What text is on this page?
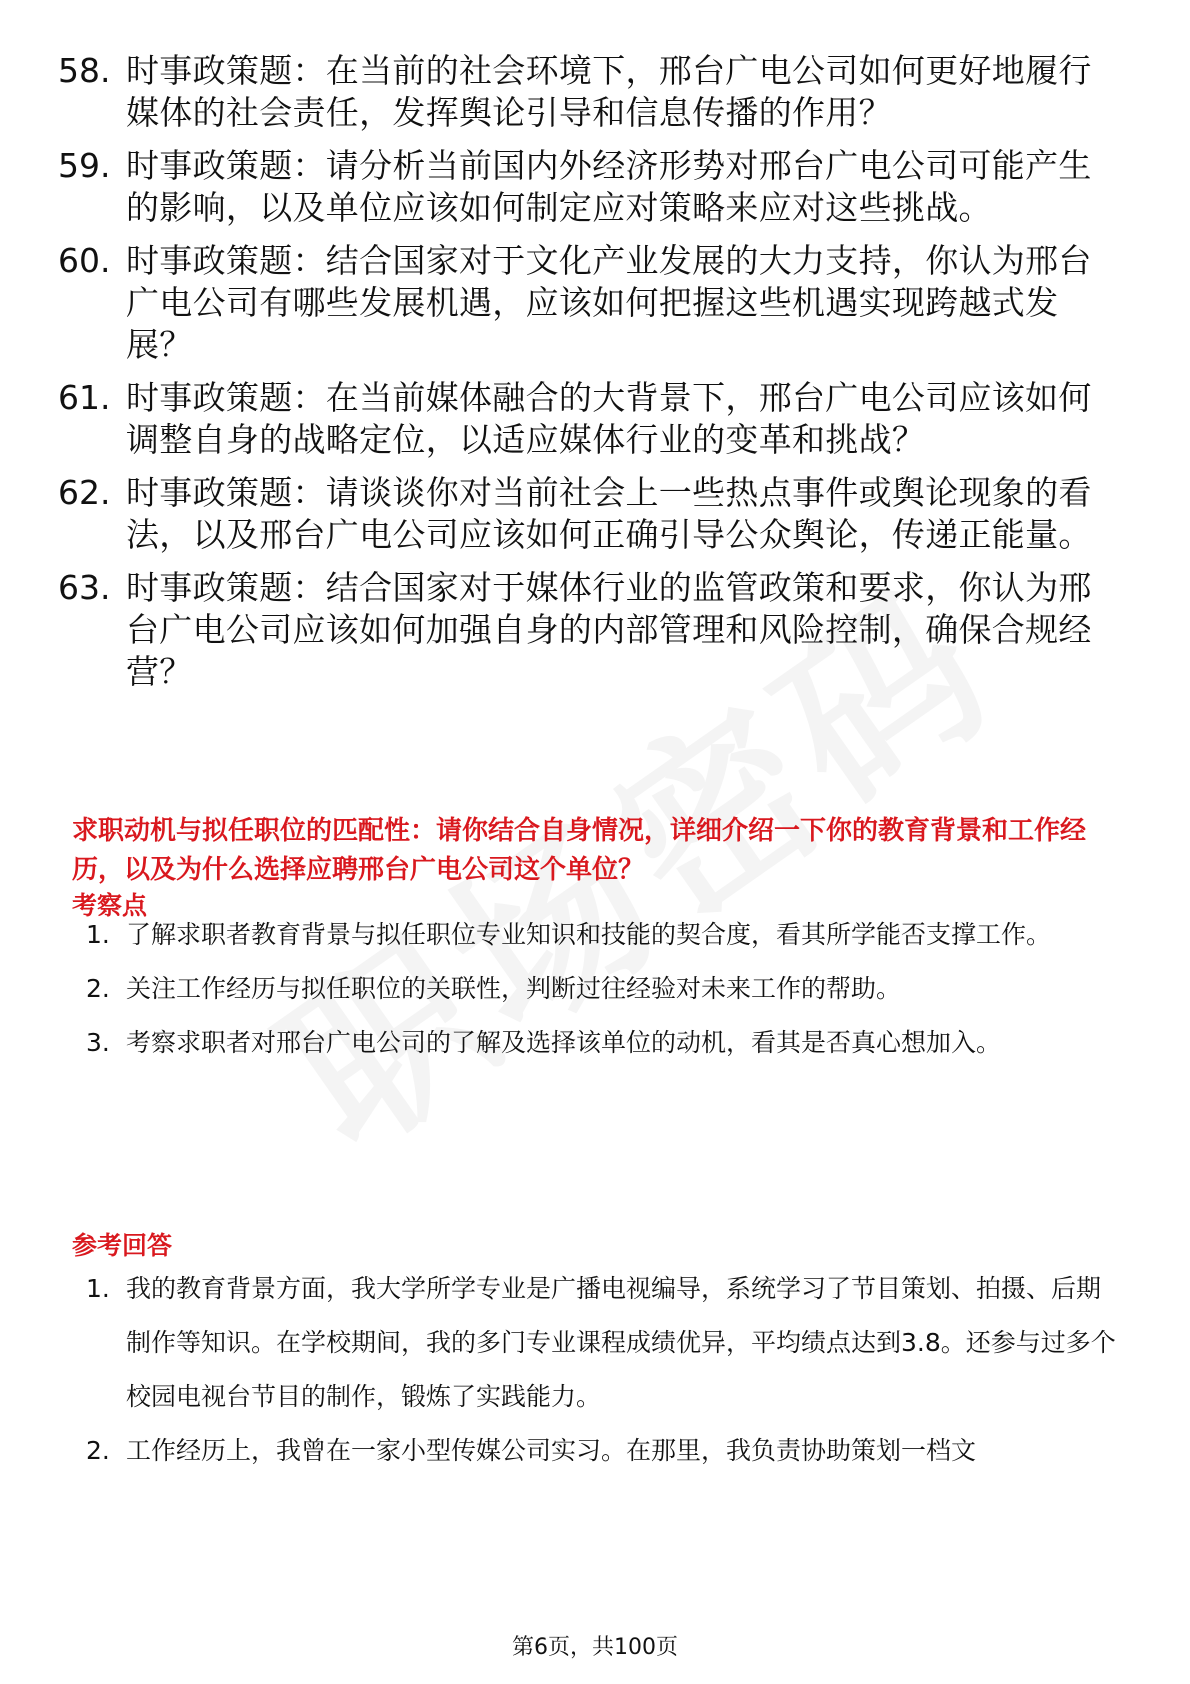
58. 时事政策题：在当前的社会环境下，邢台广电公司如何更好地履行媒体的社会责任，发挥舆论引导和信息传播的作用？
59. 时事政策题：请分析当前国内外经济形势对邢台广电公司可能产生的影响，以及单位应该如何制定应对策略来应对这些挑战。
60. 时事政策题：结合国家对于文化产业发展的大力支持，你认为邢台广电公司有哪些发展机遇，应该如何把握这些机遇实现跨越式发展？
61. 时事政策题：在当前媒体融合的大背景下，邢台广电公司应该如何调整自身的战略定位，以适应媒体行业的变革和挑战？
62. 时事政策题：请谈谈你对当前社会上一些热点事件或舆论现象的看法，以及邢台广电公司应该如何正确引导公众舆论，传递正能量。
63. 时事政策题：结合国家对于媒体行业的监管政策和要求，你认为邢台广电公司应该如何加强自身的内部管理和风险控制，确保合规经营？
求职动机与拟任职位的匹配性：请你结合自身情况，详细介绍一下你的教育背景和工作经历，以及为什么选择应聘邢台广电公司这个单位？
考察点
1. 了解求职者教育背景与拟任职位专业知识和技能的契合度，看其所学能否支撑工作。
2. 关注工作经历与拟任职位的关联性，判断过往经验对未来工作的帮助。
3. 考察求职者对邢台广电公司的了解及选择该单位的动机，看其是否真心想加入。
参考回答
1. 我的教育背景方面，我大学所学专业是广播电视编导，系统学习了节目策划、拍摄、后期制作等知识。在学校期间，我的多门专业课程成绩优异，平均绩点达到3.8。还参与过多个校园电视台节目的制作，锻炼了实践能力。
2. 工作经历上，我曾在一家小型传媒公司实习。在那里，我负责协助策划一档文
第6页，共100页
